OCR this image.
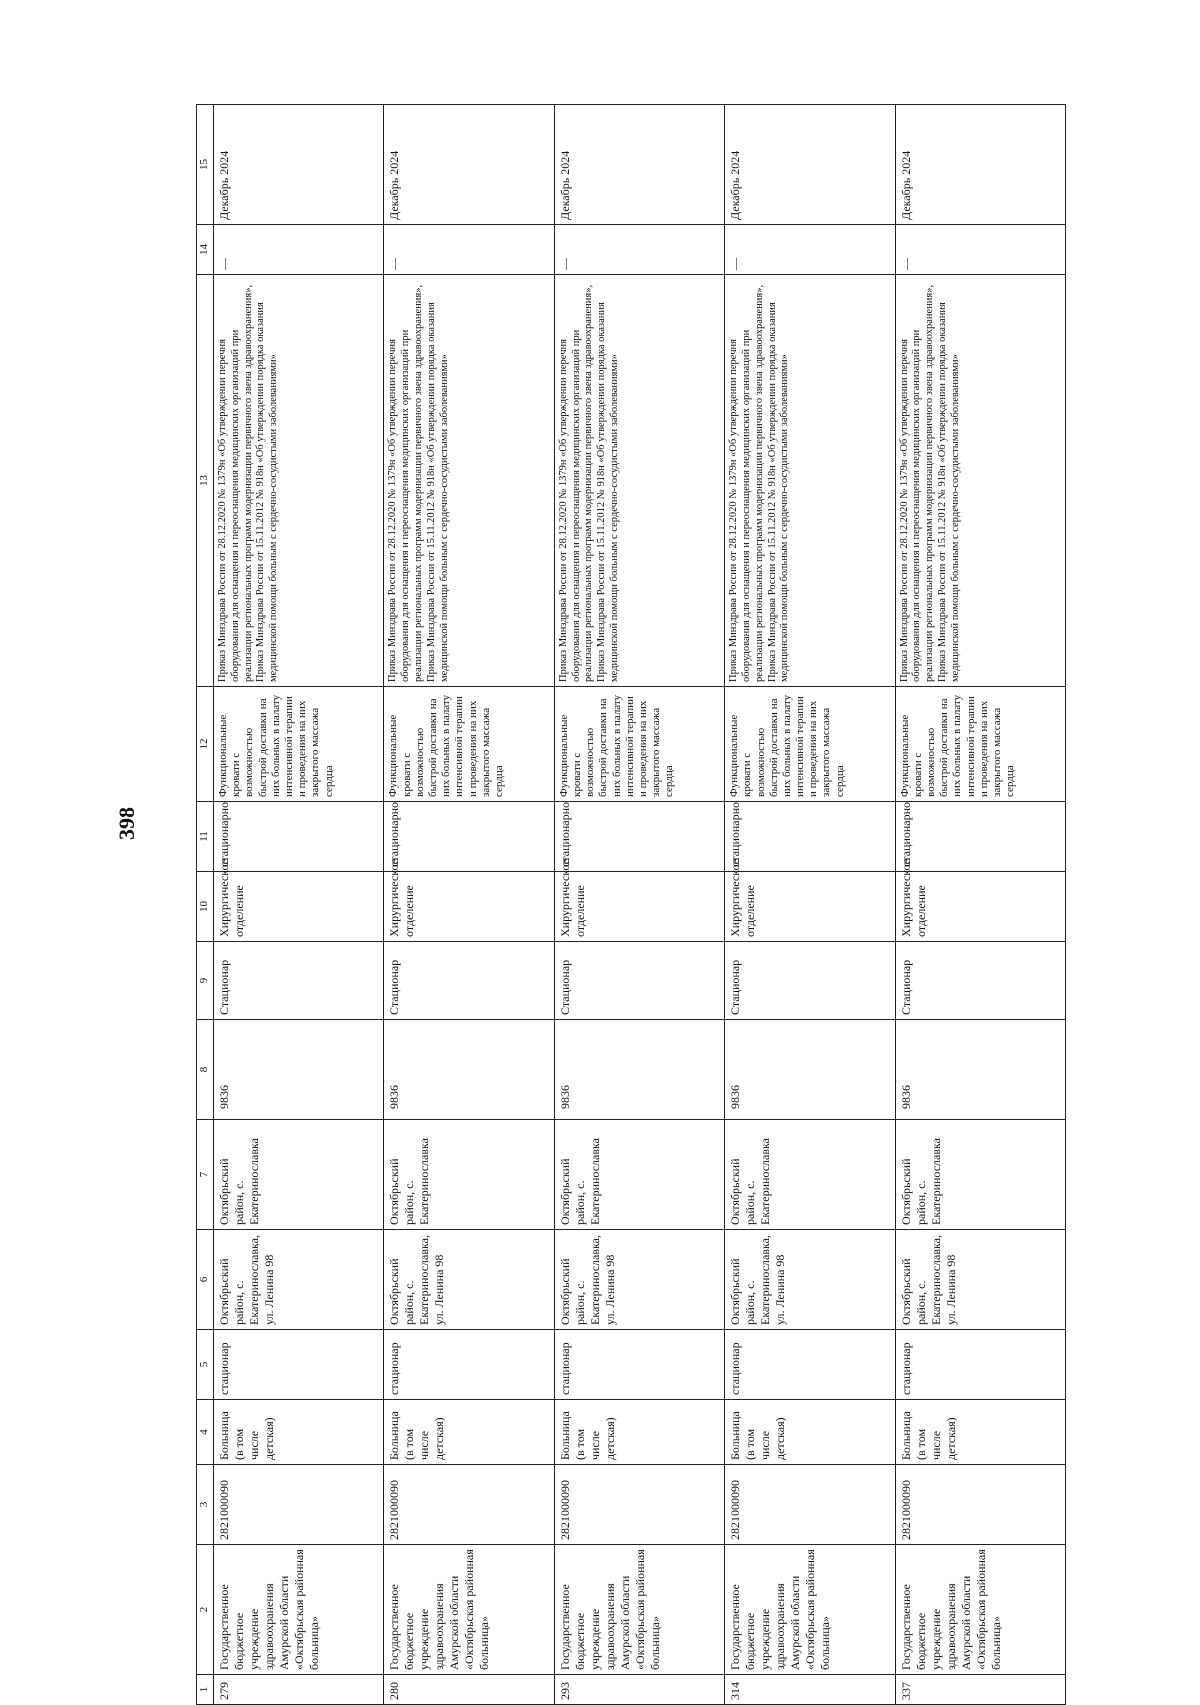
398
1	2	3	4	5	6	7	8	9	10	11	12	13	14	15
279	Государственное бюджетное учреждение здравоохранения Амурской области «Октябрьская районная больница»	2821000090	Больница (в том числе детская)	стационар	Октябрьский район, с. Екатеринославка, ул. Ленина 98	Октябрьский район, с. Екатеринославка	9836	Стационар	Хирургическое отделение	стационарно	Функциональные кровати с возможностью быстрой доставки на них больных в палату интенсивной терапии и проведения на них закрытого массажа сердца	Приказ Минздрава России от 28.12.2020 № 1379н «Об утверждении перечня оборудования для оснащения и переоснащения медицинских организаций при реализации региональных программ модернизации первичного звена здравоохранения», Приказ Минздрава России от 15.11.2012 № 918н «Об утверждении порядка оказания медицинской помощи больным с сердечно-сосудистыми заболеваниями»	—	Декабрь 2024
280	Государственное бюджетное учреждение здравоохранения Амурской области «Октябрьская районная больница»	2821000090	Больница (в том числе детская)	стационар	Октябрьский район, с. Екатеринославка, ул. Ленина 98	Октябрьский район, с. Екатеринославка	9836	Стационар	Хирургическое отделение	стационарно	Функциональные кровати с возможностью быстрой доставки на них больных в палату интенсивной терапии и проведения на них закрытого массажа сердца	Приказ Минздрава России от 28.12.2020 № 1379н «Об утверждении перечня оборудования для оснащения и переоснащения медицинских организаций при реализации региональных программ модернизации первичного звена здравоохранения», Приказ Минздрава России от 15.11.2012 № 918н «Об утверждении порядка оказания медицинской помощи больным с сердечно-сосудистыми заболеваниями»	—	Декабрь 2024
293	Государственное бюджетное учреждение здравоохранения Амурской области «Октябрьская районная больница»	2821000090	Больница (в том числе детская)	стационар	Октябрьский район, с. Екатеринославка, ул. Ленина 98	Октябрьский район, с. Екатеринославка	9836	Стационар	Хирургическое отделение	стационарно	Функциональные кровати с возможностью быстрой доставки на них больных в палату интенсивной терапии и проведения на них закрытого массажа сердца	Приказ Минздрава России от 28.12.2020 № 1379н «Об утверждении перечня оборудования для оснащения и переоснащения медицинских организаций при реализации региональных программ модернизации первичного звена здравоохранения», Приказ Минздрава России от 15.11.2012 № 918н «Об утверждении порядка оказания медицинской помощи больным с сердечно-сосудистыми заболеваниями»	—	Декабрь 2024
314	Государственное бюджетное учреждение здравоохранения Амурской области «Октябрьская районная больница»	2821000090	Больница (в том числе детская)	стационар	Октябрьский район, с. Екатеринославка, ул. Ленина 98	Октябрьский район, с. Екатеринославка	9836	Стационар	Хирургическое отделение	стационарно	Функциональные кровати с возможностью быстрой доставки на них больных в палату интенсивной терапии и проведения на них закрытого массажа сердца	Приказ Минздрава России от 28.12.2020 № 1379н «Об утверждении перечня оборудования для оснащения и переоснащения медицинских организаций при реализации региональных программ модернизации первичного звена здравоохранения», Приказ Минздрава России от 15.11.2012 № 918н «Об утверждении порядка оказания медицинской помощи больным с сердечно-сосудистыми заболеваниями»	—	Декабрь 2024
337	Государственное бюджетное учреждение здравоохранения Амурской области «Октябрьская районная больница»	2821000090	Больница (в том числе детская)	стационар	Октябрьский район, с. Екатеринославка, ул. Ленина 98	Октябрьский район, с. Екатеринославка	9836	Стационар	Хирургическое отделение	стационарно	Функциональные кровати с возможностью быстрой доставки на них больных в палату интенсивной терапии и проведения на них закрытого массажа сердца	Приказ Минздрава России от 28.12.2020 № 1379н «Об утверждении перечня оборудования для оснащения и переоснащения медицинских организаций при реализации региональных программ модернизации первичного звена здравоохранения», Приказ Минздрава России от 15.11.2012 № 918н «Об утверждении порядка оказания медицинской помощи больным с сердечно-сосудистыми заболеваниями»	—	Декабрь 2024
